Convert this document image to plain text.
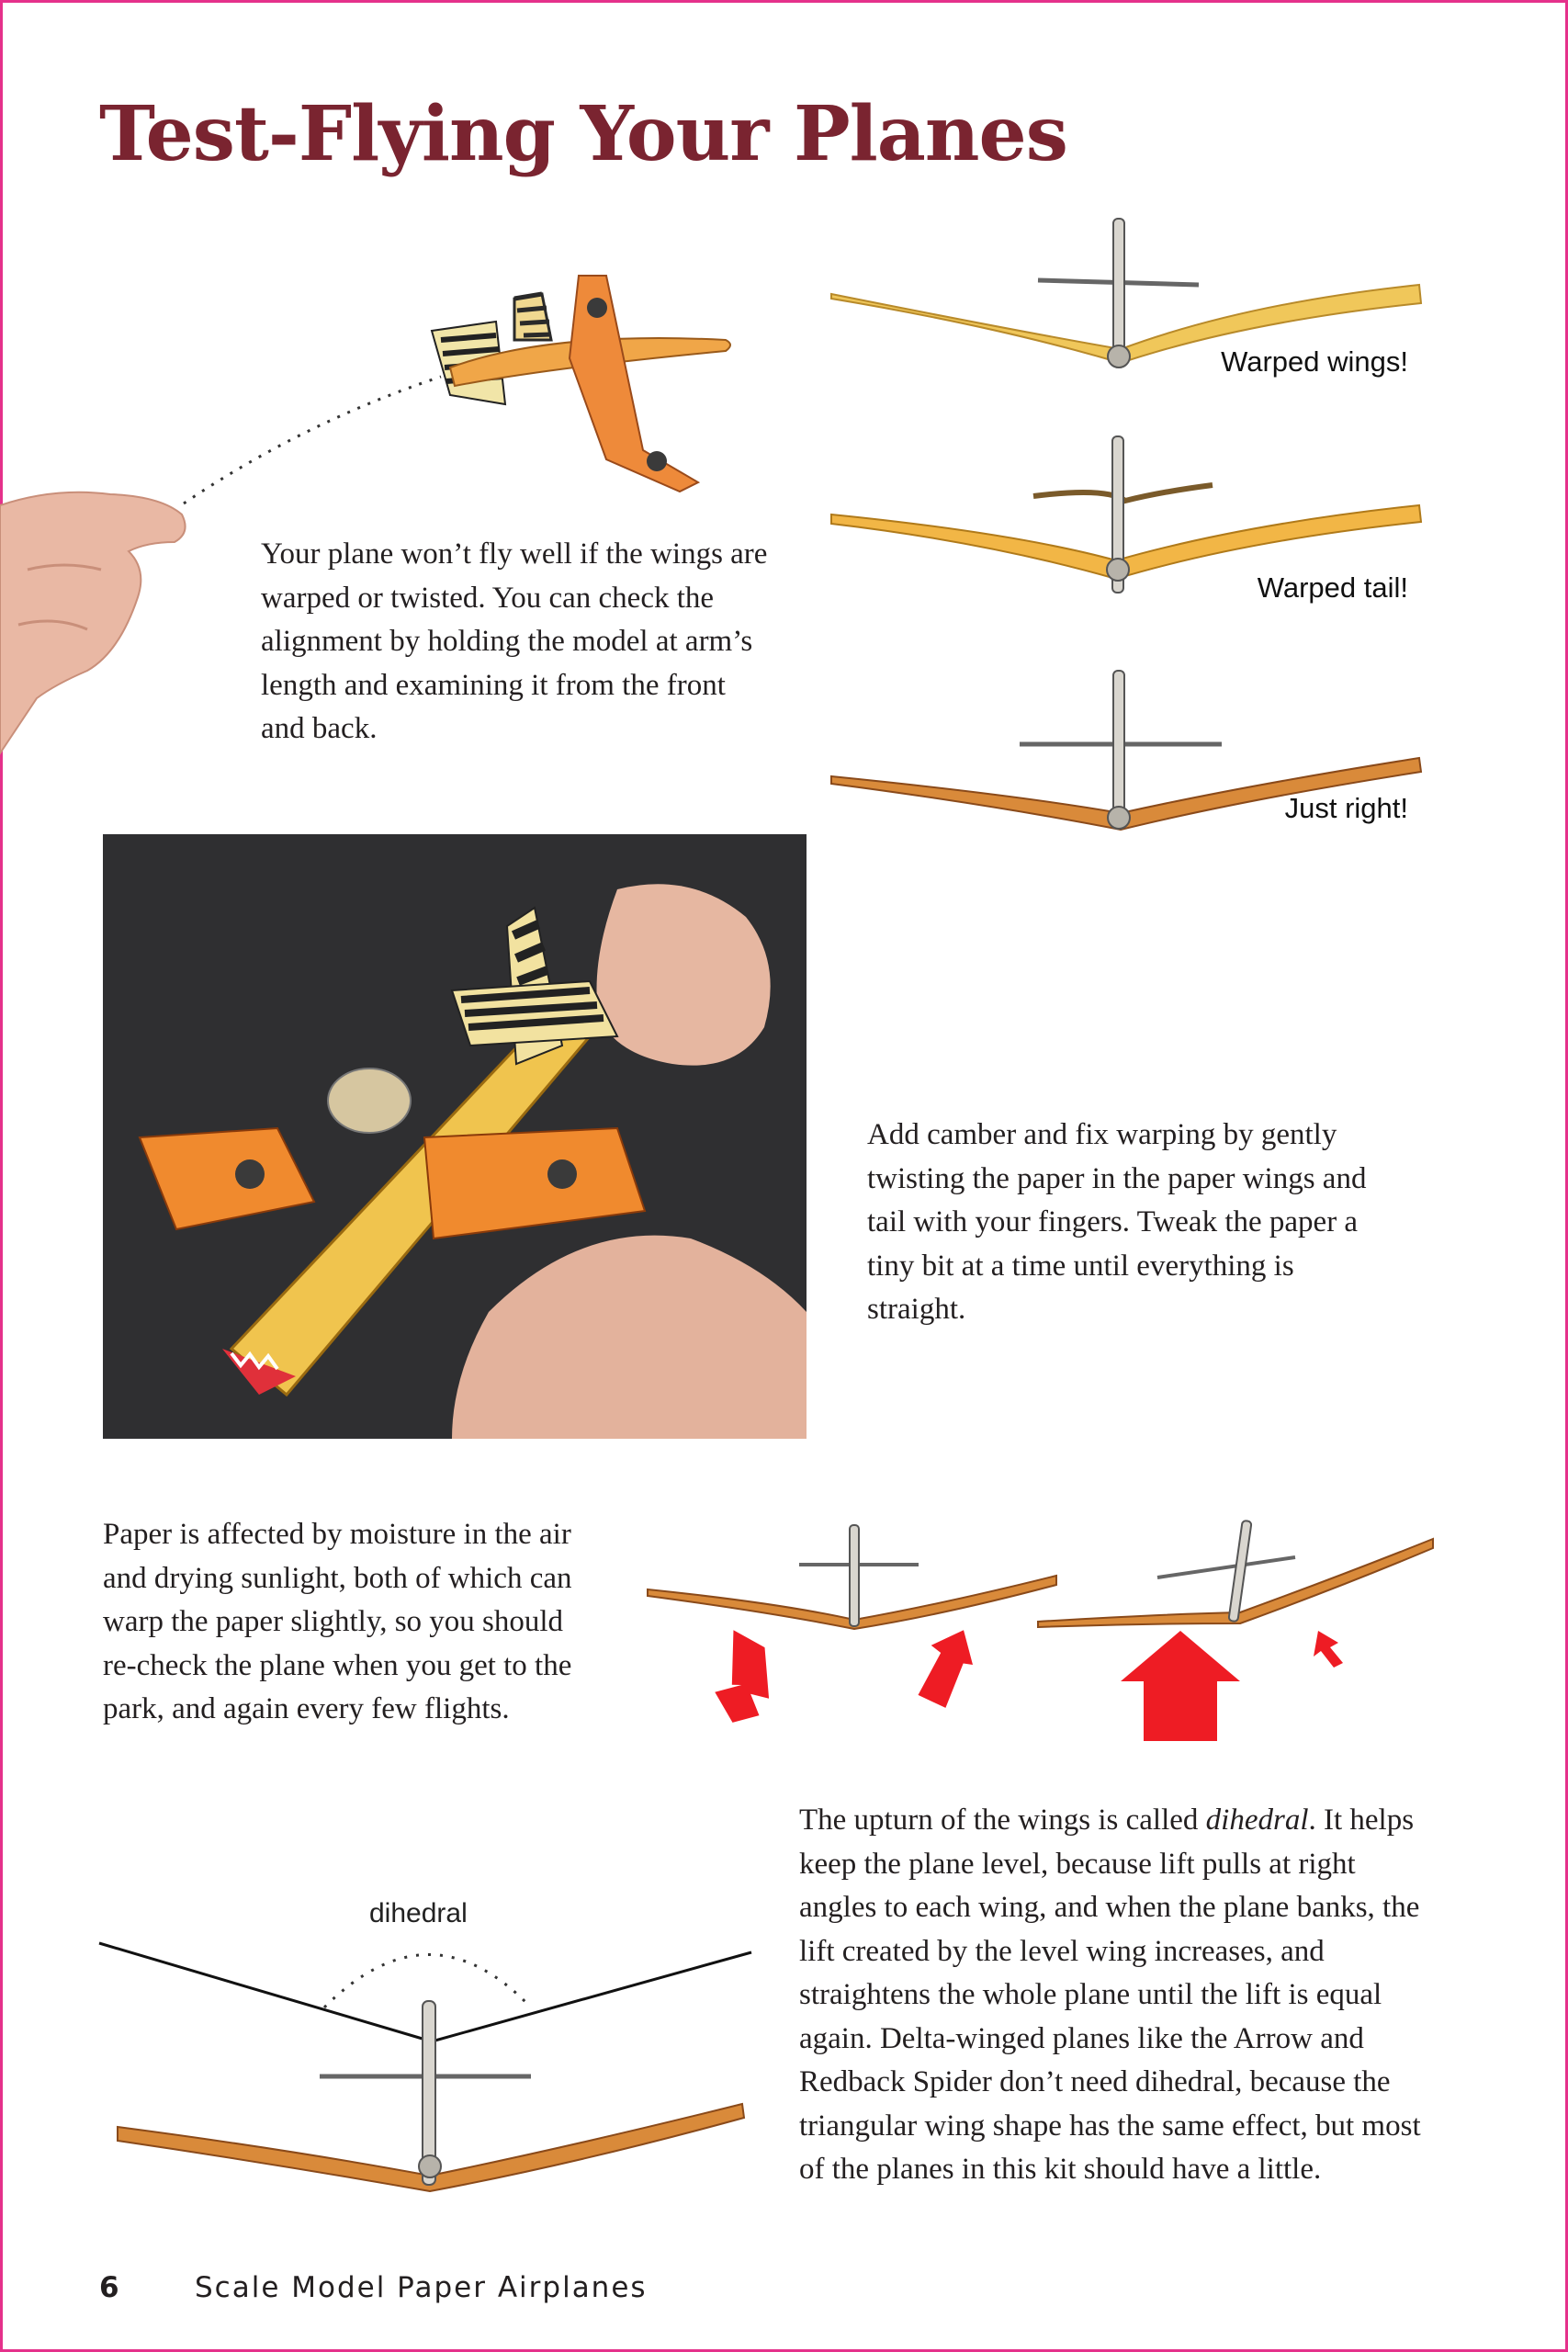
Test-Flying Your Planes

Your plane won’t fly well if the wings are warped or twisted. You can check the alignment by holding the model at arm’s length and examining it from the front and back.

Warped wings!
Warped tail!
Just right!

Add camber and fix warping by gently twisting the paper in the paper wings and tail with your fingers. Tweak the paper a tiny bit at a time until everything is straight.

Paper is affected by moisture in the air and drying sunlight, both of which can warp the paper slightly, so you should re-check the plane when you get to the park, and again every few flights.

dihedral

The upturn of the wings is called dihedral. It helps keep the plane level, because lift pulls at right angles to each wing, and when the plane banks, the lift created by the level wing increases, and straightens the whole plane until the lift is equal again. Delta-winged planes like the Arrow and Redback Spider don’t need dihedral, because the triangular wing shape has the same effect, but most of the planes in this kit should have a little.

6	Scale Model Paper Airplanes
